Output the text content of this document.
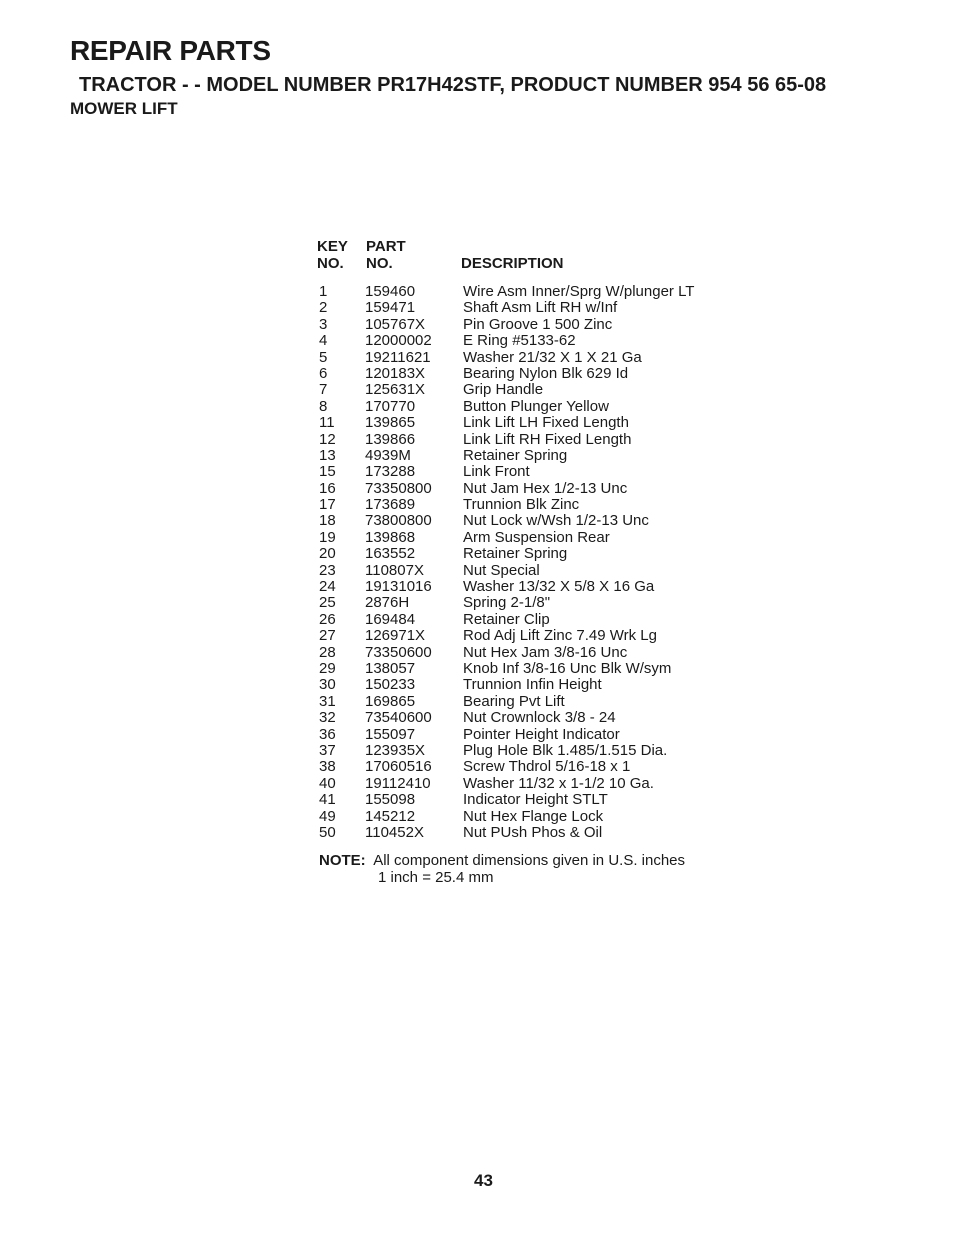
REPAIR PARTS
TRACTOR - - MODEL NUMBER PR17H42STF, PRODUCT NUMBER 954 56 65-08
MOWER LIFT
KEY
NO.
PART
NO.	DESCRIPTION
1	159460	Wire Asm Inner/Sprg W/plunger LT
2	159471	Shaft Asm Lift RH w/Inf
3	105767X	Pin Groove 1 500 Zinc
4	12000002 E Ring #5133-62
5	19211621 Washer 21/32 X 1 X 21 Ga
6	120183X	Bearing Nylon Blk 629 Id
7	125631X	Grip Handle
8	170770	Button Plunger Yellow
11 139865	Link Lift LH Fixed Length
12 139866	Link Lift RH Fixed Length
13 4939M	Retainer Spring
15 173288	Link Front
16 73350800 Nut Jam Hex 1/2-13 Unc
17 173689	Trunnion Blk Zinc
18 73800800 Nut Lock w/Wsh 1/2-13 Unc
19 139868	Arm Suspension Rear
20 163552	Retainer Spring
23 110807X	Nut Special
24 19131016 Washer 13/32 X 5/8 X 16 Ga
25 2876H	Spring 2-1/8"
26 169484	Retainer Clip
27 126971X	Rod Adj Lift Zinc 7.49 Wrk Lg
28 73350600 Nut Hex Jam 3/8-16 Unc
29 138057	Knob Inf 3/8-16 Unc Blk W/sym
30 150233	Trunnion Infin Height
31 169865	Bearing Pvt Lift
32 73540600 Nut Crownlock 3/8 - 24
36 155097	Pointer Height Indicator
37 123935X	Plug Hole Blk 1.485/1.515 Dia.
38 17060516 Screw Thdrol 5/16-18 x 1
40 19112410 Washer 11/32 x 1-1/2 10 Ga.
41 155098	Indicator Height STLT
49 145212	Nut Hex Flange Lock
50 110452X	Nut PUsh Phos & Oil
NOTE: All component dimensions given in U.S. inches
1 inch = 25.4 mm
43
